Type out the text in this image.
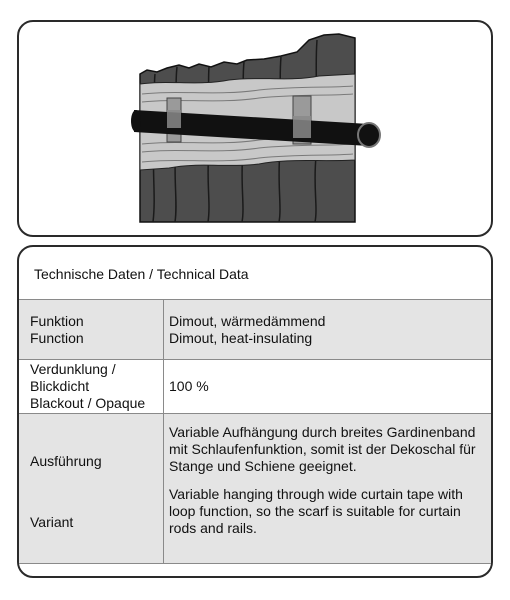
Technische Daten / Technical Data
Funktion
Function
Dimout, wärmedämmend
Dimout, heat-insulating
Verdunklung /
Blickdicht
Blackout / Opaque
100 %
Ausführung
Variant
Variable Aufhängung durch breites Gardinenband mit Schlaufenfunktion, somit ist der Dekoschal für Stange und Schiene geeignet.
Variable hanging through wide curtain tape with loop function, so the scarf is suitable for curtain rods and rails.
